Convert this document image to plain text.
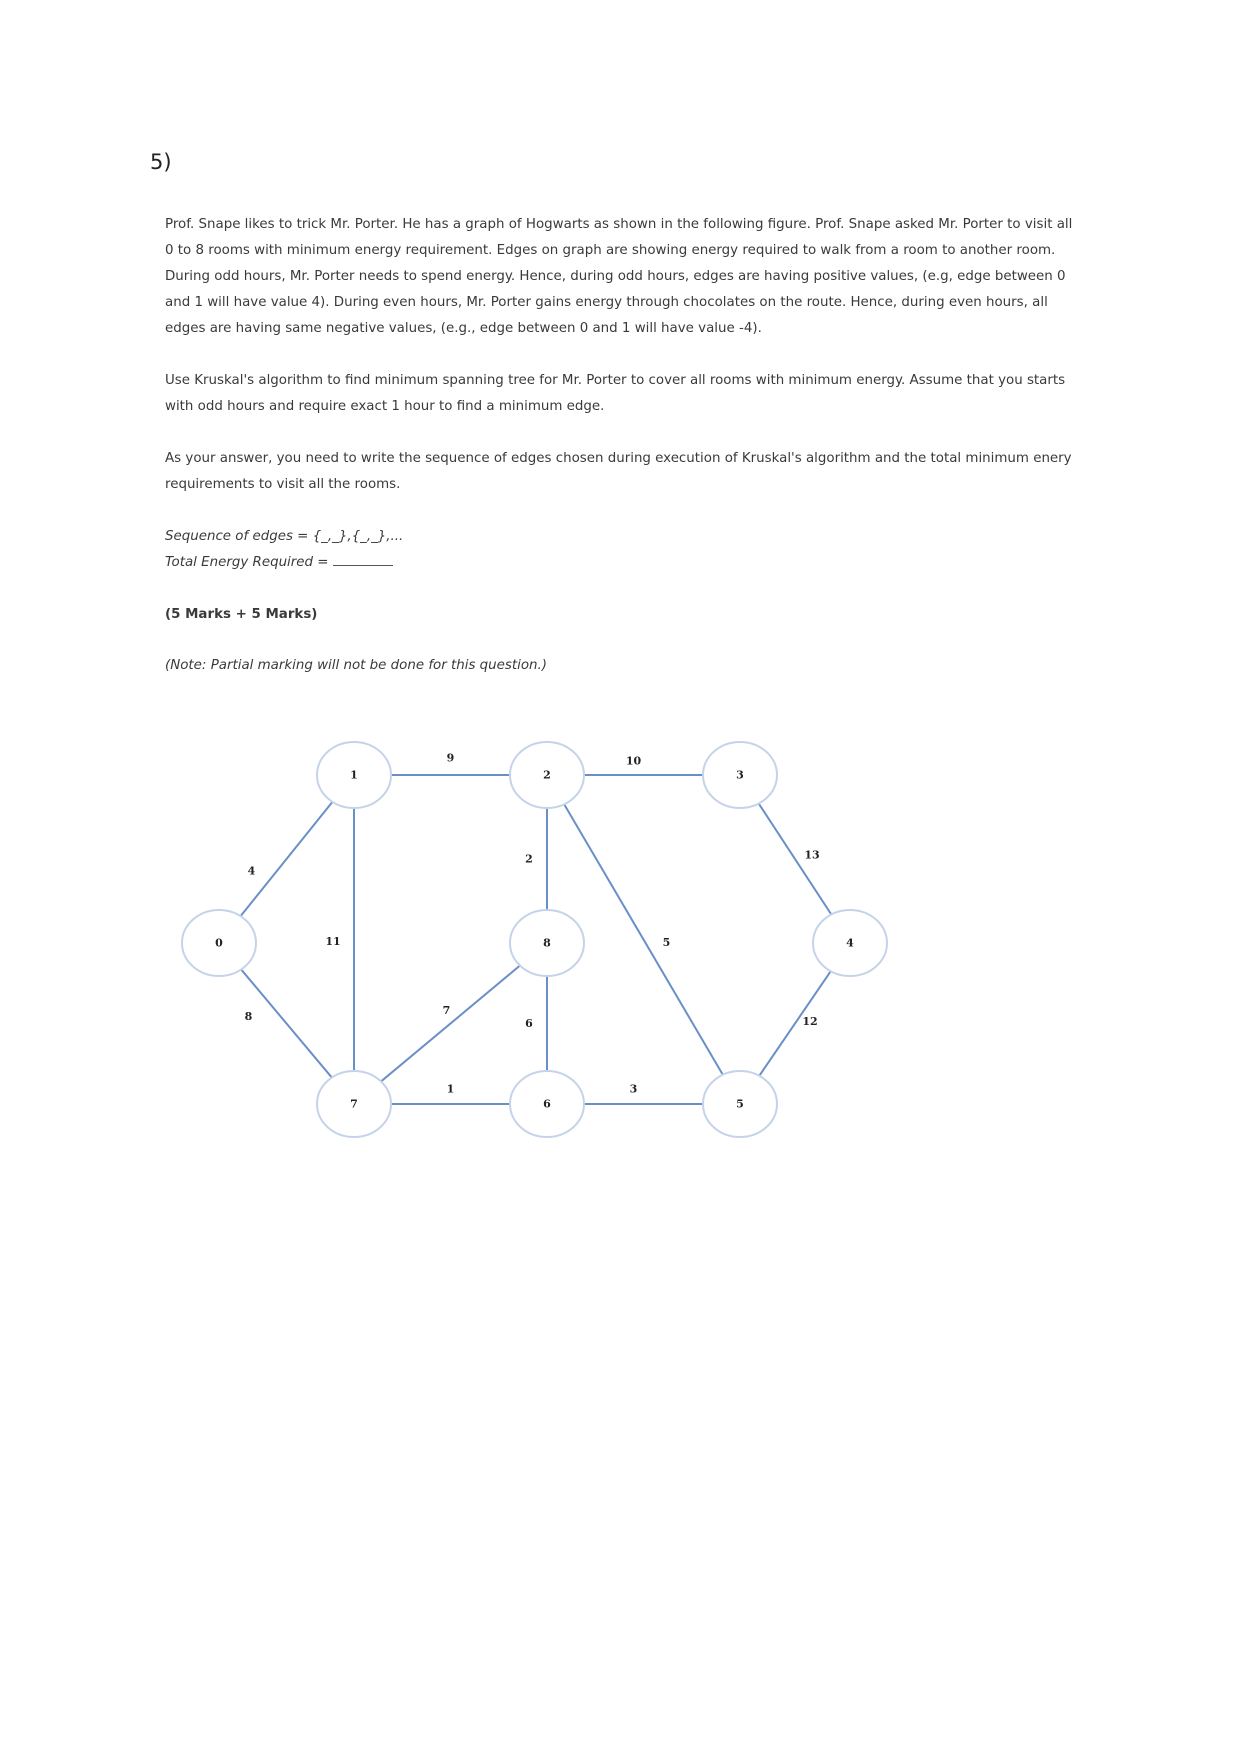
5)

Prof. Snape likes to trick Mr. Porter. He has a graph of Hogwarts as shown in the following figure. Prof. Snape asked Mr. Porter to visit all 0 to 8 rooms with minimum energy requirement. Edges on graph are showing energy required to walk from a room to another room. During odd hours, Mr. Porter needs to spend energy. Hence, during odd hours, edges are having positive values, (e.g, edge between 0 and 1 will have value 4). During even hours, Mr. Porter gains energy through chocolates on the route. Hence, during even hours, all edges are having same negative values, (e.g., edge between 0 and 1 will have value -4).

Use Kruskal's algorithm to find minimum spanning tree for Mr. Porter to cover all rooms with minimum energy. Assume that you starts with odd hours and require exact 1 hour to find a minimum edge.

As your answer, you need to write the sequence of edges chosen during execution of Kruskal's algorithm and the total minimum enery requirements to visit all the rooms.

Sequence of edges = {_,_},{_,_},...
Total Energy Required =
(5 Marks + 5 Marks)
(Note: Partial marking will not be done for this question.)
4
8
9
11
10
2
5
13
12
7
6
1	3
0
1	2	3
4
5
6
7
8
